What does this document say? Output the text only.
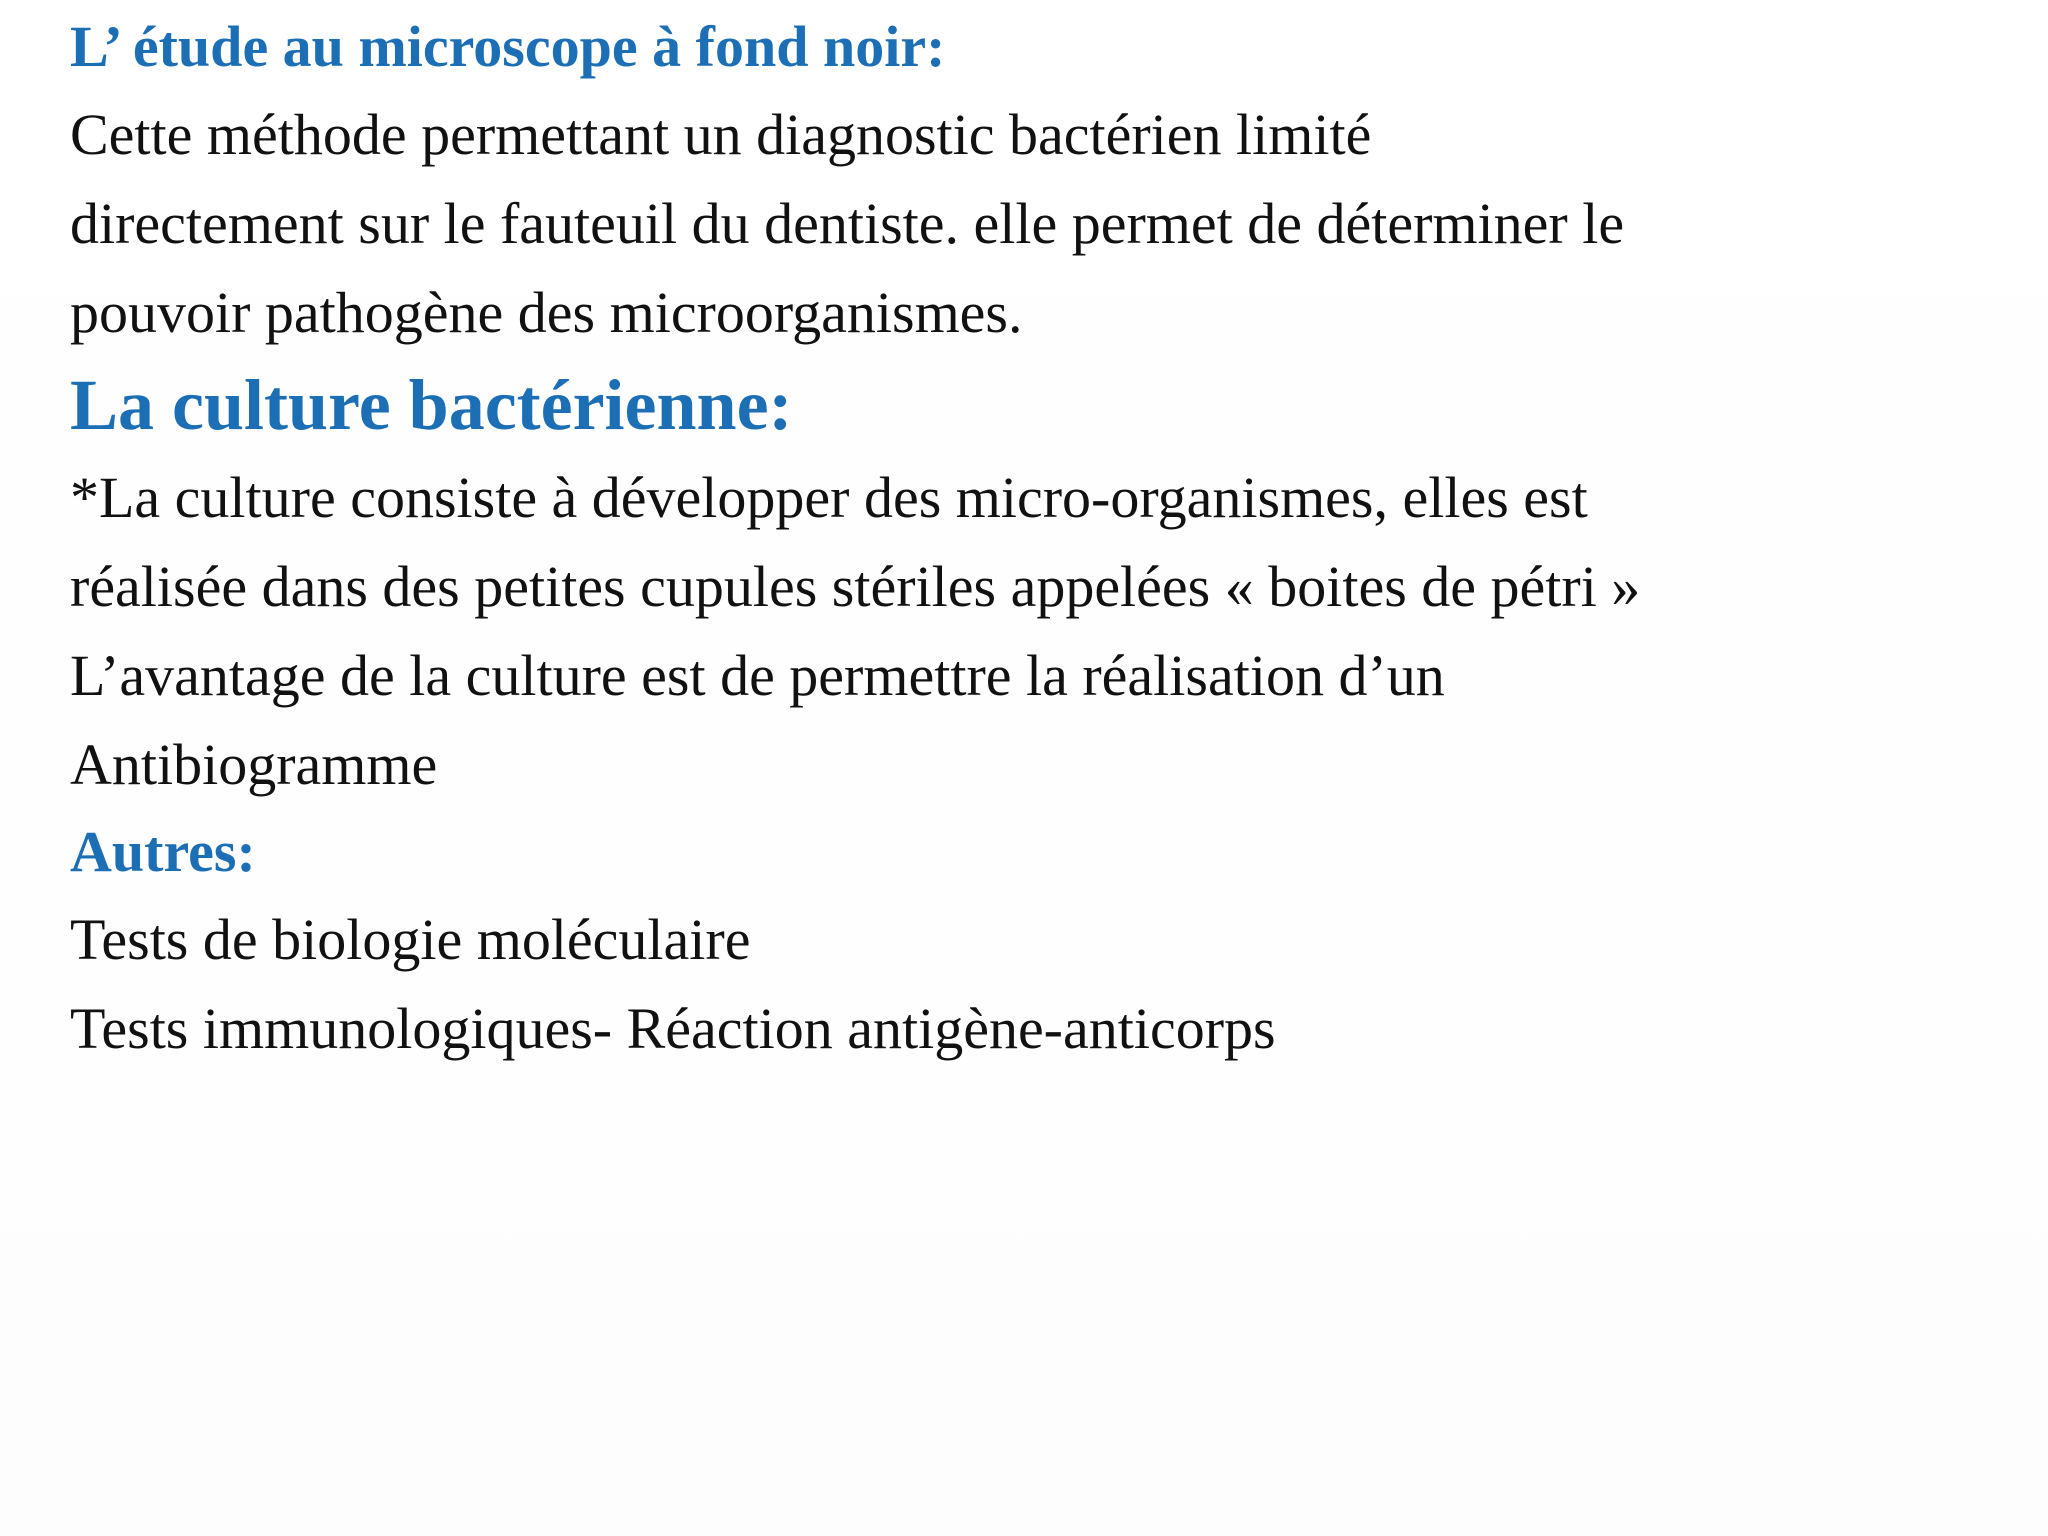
L’ étude au microscope à fond noir:

Cette méthode permettant un diagnostic bactérien limité

directement sur le fauteuil du dentiste. elle permet de déterminer le

pouvoir pathogène des microorganismes.

La culture bactérienne:

*La culture consiste à développer des micro-organismes, elles est

réalisée dans des petites cupules stériles appelées « boites de pétri »

L’avantage de la culture est de permettre la réalisation d’un

Antibiogramme

Autres:

Tests de biologie moléculaire

Tests immunologiques- Réaction antigène-anticorps
